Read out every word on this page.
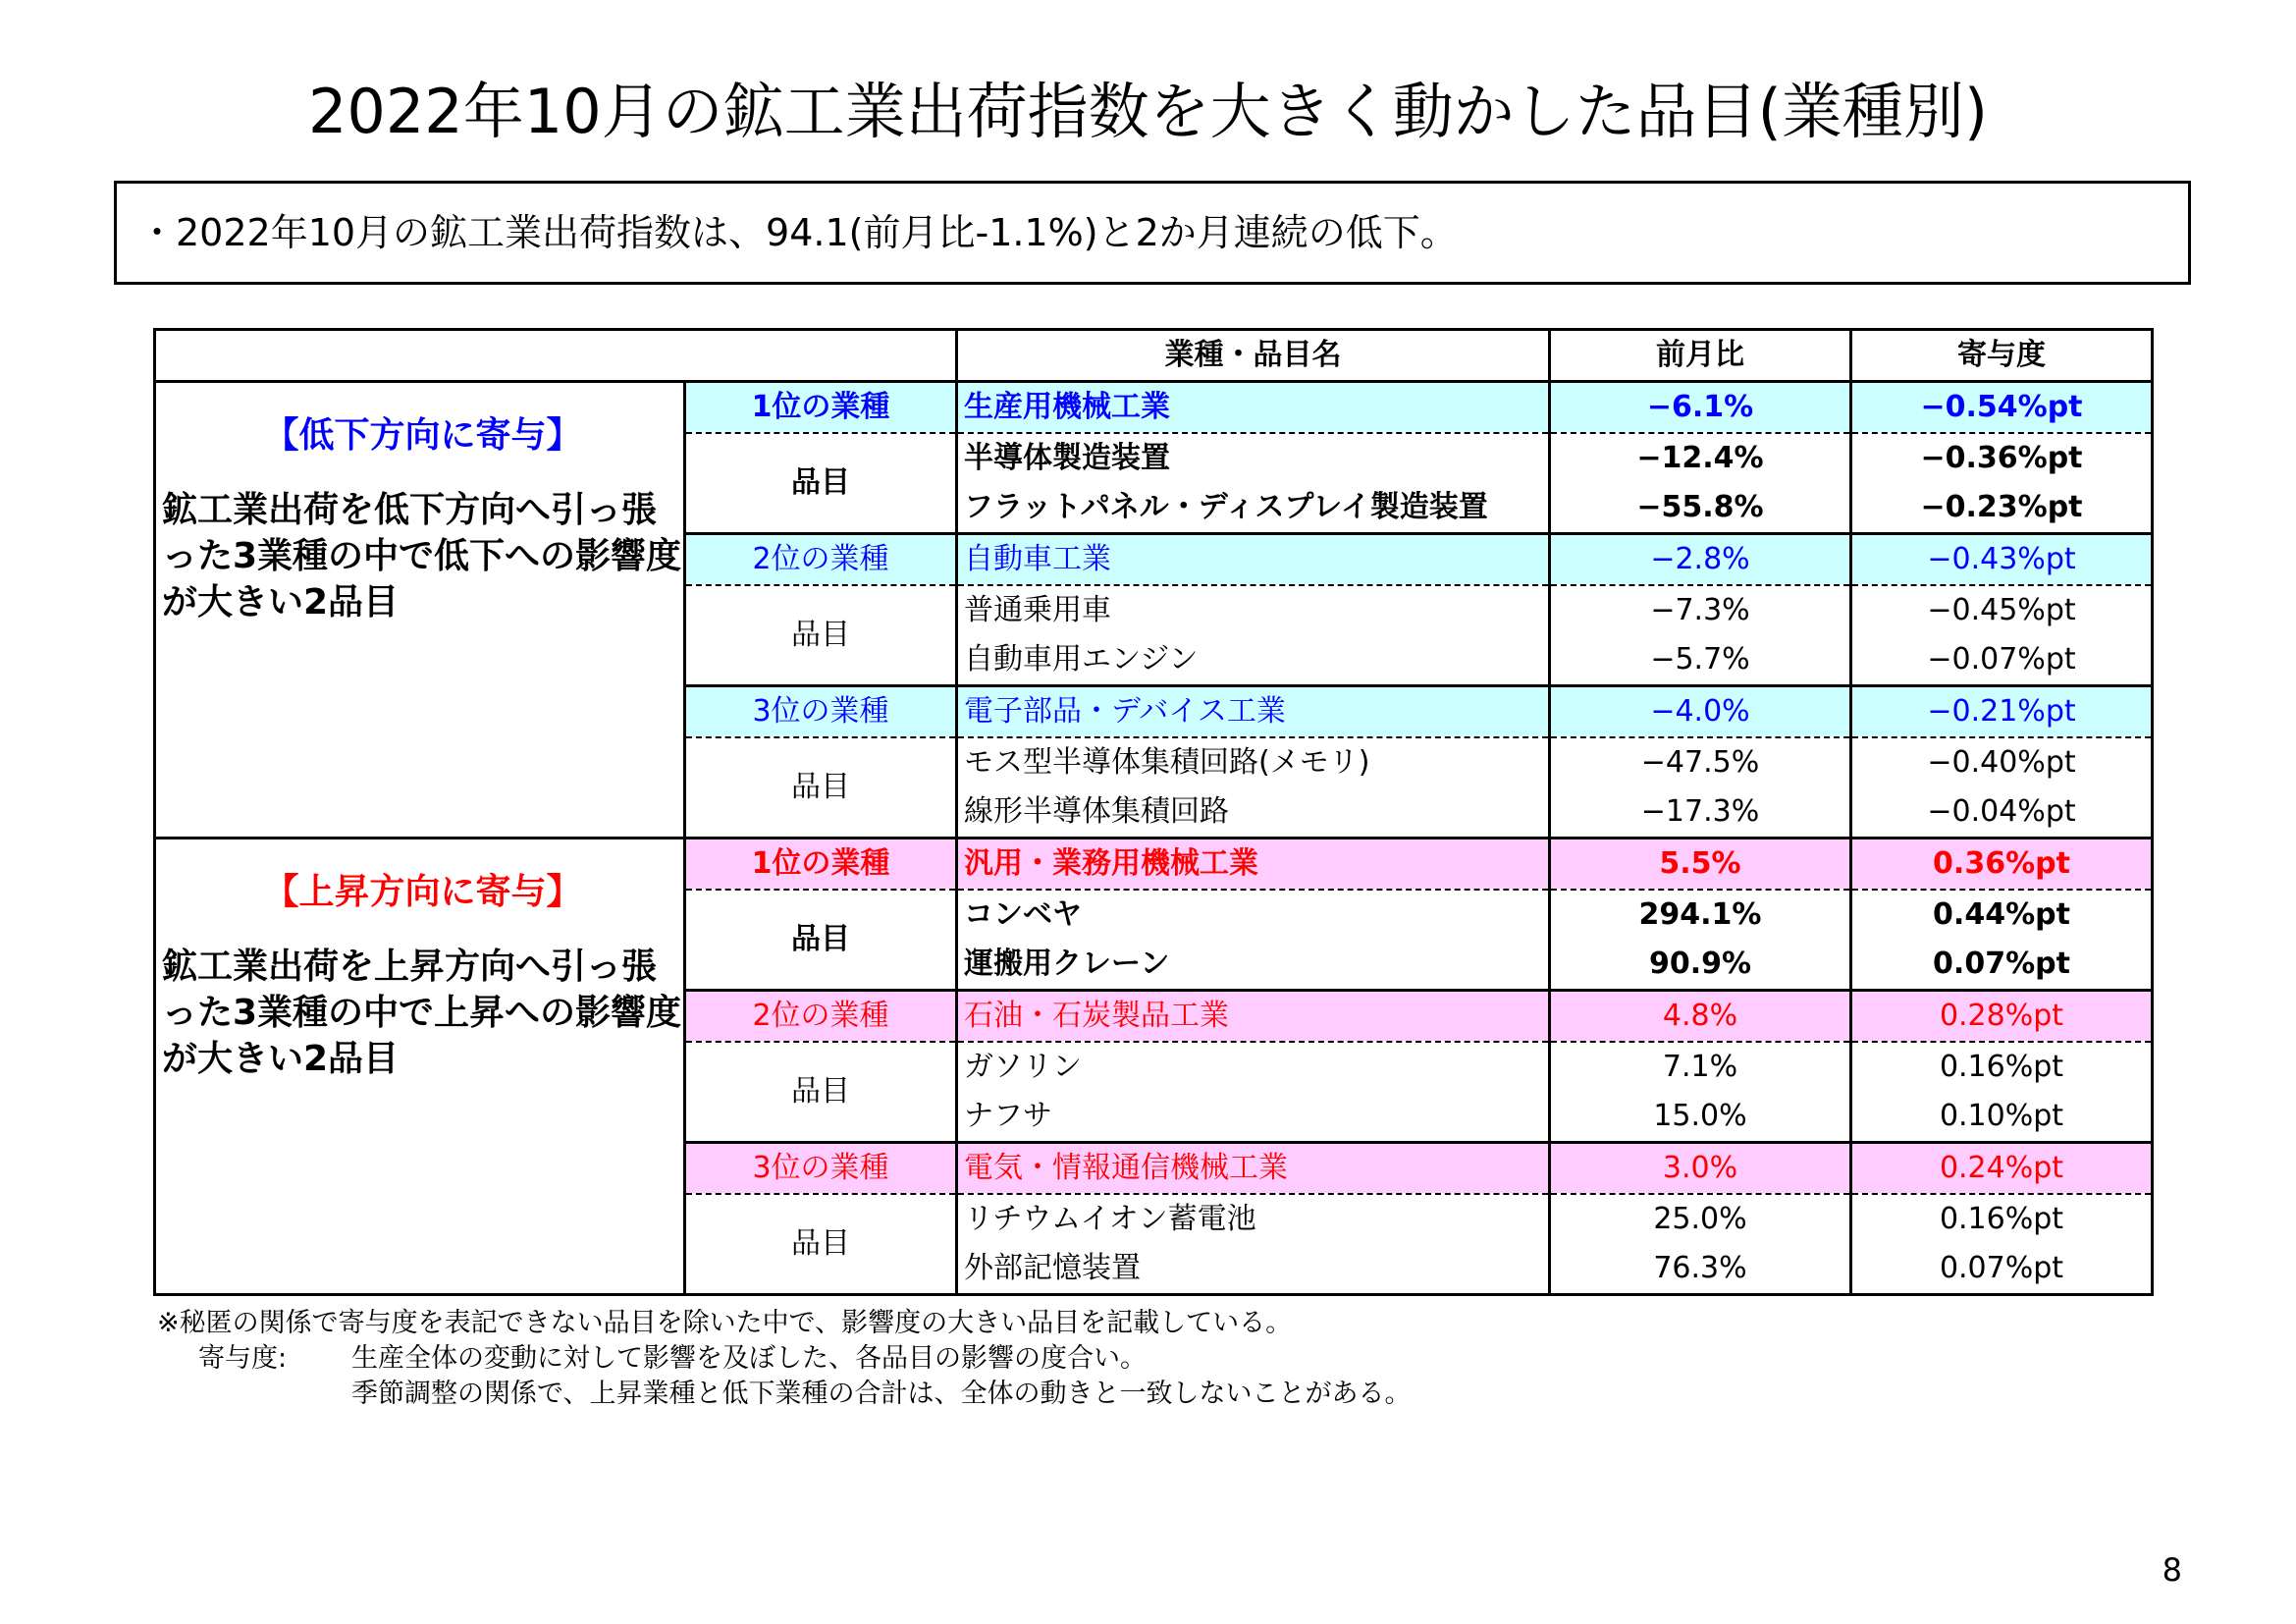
2022年10月の鉱工業出荷指数を大きく動かした品目(業種別)
・2022年10月の鉱工業出荷指数は、94.1(前月比-1.1%)と2か月連続の低下。
		業種・品目名	前月比	寄与度

【低下方向に寄与】
鉱工業出荷を低下方向へ引っ張った3業種の中で低下への影響度が大きい2品目	1位の業種	生産用機械工業	−6.1%	−0.54%pt
	品目	半導体製造装置	−12.4%	−0.36%pt
		フラットパネル・ディスプレイ製造装置	−55.8%	−0.23%pt
	2位の業種	自動車工業	−2.8%	−0.43%pt
	品目	普通乗用車	−7.3%	−0.45%pt
		自動車用エンジン	−5.7%	−0.07%pt
	3位の業種	電子部品・デバイス工業	−4.0%	−0.21%pt
	品目	モス型半導体集積回路(メモリ)	−47.5%	−0.40%pt
		線形半導体集積回路	−17.3%	−0.04%pt

【上昇方向に寄与】
鉱工業出荷を上昇方向へ引っ張った3業種の中で上昇への影響度が大きい2品目	1位の業種	汎用・業務用機械工業	5.5%	0.36%pt
	品目	コンベヤ	294.1%	0.44%pt
		運搬用クレーン	90.9%	0.07%pt
	2位の業種	石油・石炭製品工業	4.8%	0.28%pt
	品目	ガソリン	7.1%	0.16%pt
		ナフサ	15.0%	0.10%pt
	3位の業種	電気・情報通信機械工業	3.0%	0.24%pt
	品目	リチウムイオン蓄電池	25.0%	0.16%pt
		外部記憶装置	76.3%	0.07%pt
※秘匿の関係で寄与度を表記できない品目を除いた中で、影響度の大きい品目を記載している。
寄与度: 生産全体の変動に対して影響を及ぼした、各品目の影響の度合い。
季節調整の関係で、上昇業種と低下業種の合計は、全体の動きと一致しないことがある。
8
